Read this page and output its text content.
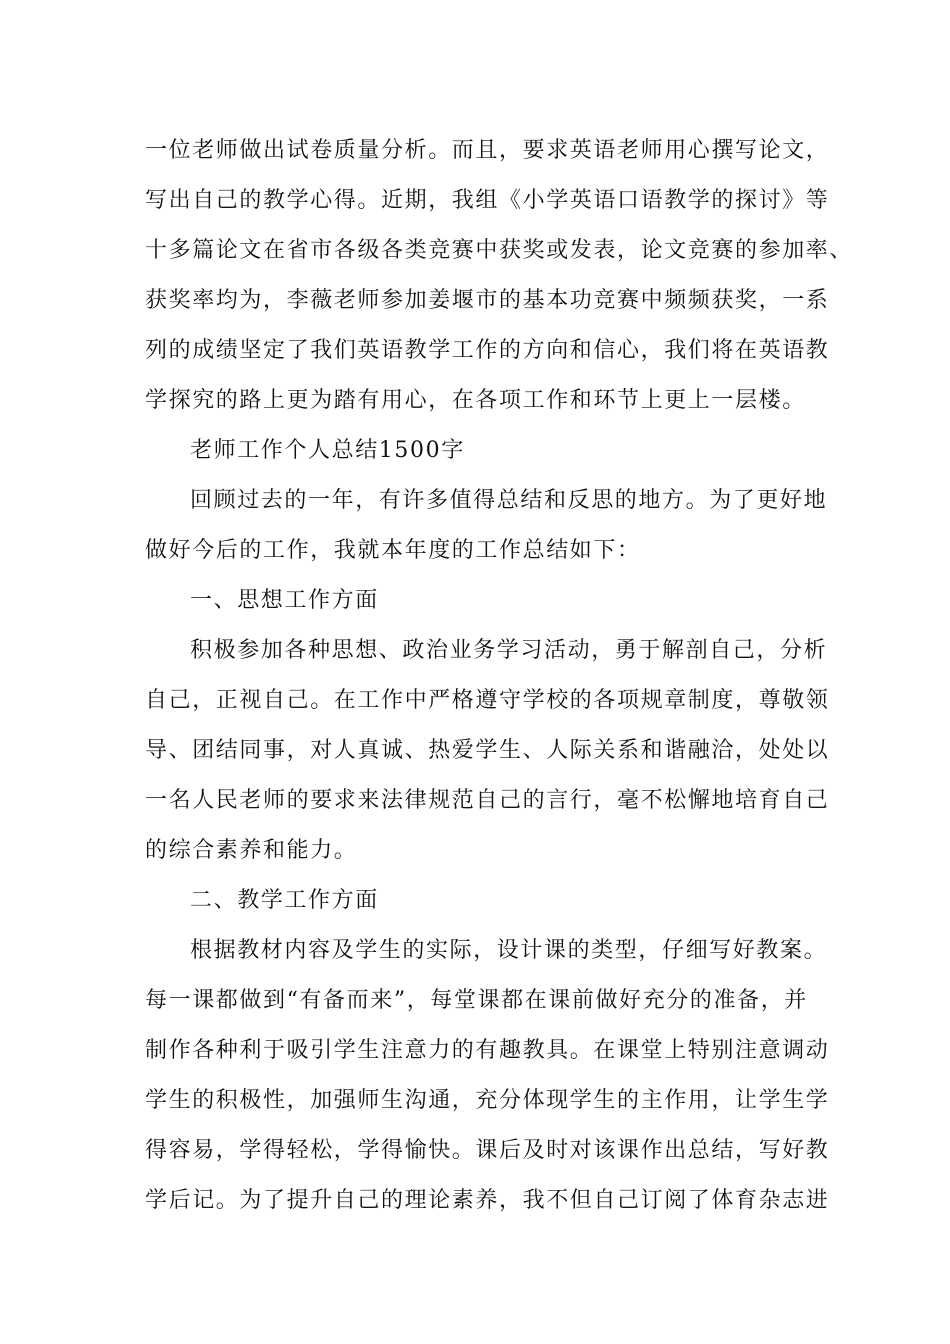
一位老师做出试卷质量分析。而且，要求英语老师用心撰写论文，
写出自己的教学心得。近期，我组《小学英语口语教学的探讨》等
十多篇论文在省市各级各类竞赛中获奖或发表，论文竞赛的参加率、
获奖率均为，李薇老师参加姜堰市的基本功竞赛中频频获奖，一系
列的成绩坚定了我们英语教学工作的方向和信心，我们将在英语教
学探究的路上更为踏有用心，在各项工作和环节上更上一层楼。
老师工作个人总结1500字
回顾过去的一年，有许多值得总结和反思的地方。为了更好地
做好今后的工作，我就本年度的工作总结如下：
一、思想工作方面
积极参加各种思想、政治业务学习活动，勇于解剖自己，分析
自己，正视自己。在工作中严格遵守学校的各项规章制度，尊敬领
导、团结同事，对人真诚、热爱学生、人际关系和谐融洽，处处以
一名人民老师的要求来法律规范自己的言行，毫不松懈地培育自己
的综合素养和能力。
二、教学工作方面
根据教材内容及学生的实际，设计课的类型，仔细写好教案。
每一课都做到“有备而来”，每堂课都在课前做好充分的准备，并
制作各种利于吸引学生注意力的有趣教具。在课堂上特别注意调动
学生的积极性，加强师生沟通，充分体现学生的主作用，让学生学
得容易，学得轻松，学得愉快。课后及时对该课作出总结，写好教
学后记。为了提升自己的理论素养，我不但自己订阅了体育杂志进
